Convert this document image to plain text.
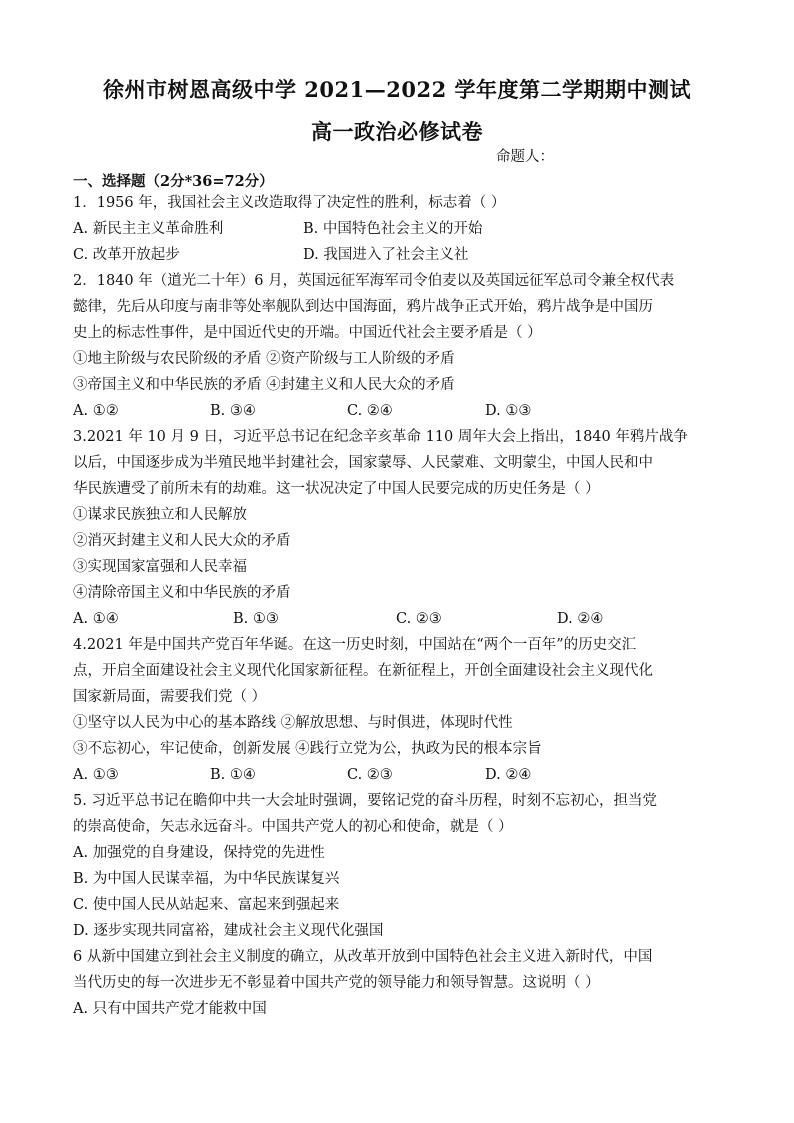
徐州市树恩高级中学 2021—2022 学年度第二学期期中测试
高一政治必修试卷
命题人：
一、选择题（2分*36=72分）
1．1956 年，我国社会主义改造取得了决定性的胜利，标志着（ ）
A. 新民主主义革命胜利	B. 中国特色社会主义的开始
C. 改革开放起步	D. 我国进入了社会主义社
2．1840 年（道光二十年）6 月，英国远征军海军司令伯麦以及英国远征军总司令兼全权代表
懿律，先后从印度与南非等处率舰队到达中国海面，鸦片战争正式开始，鸦片战争是中国历
史上的标志性事件，是中国近代史的开端。中国近代社会主要矛盾是（ ）
①地主阶级与农民阶级的矛盾 ②资产阶级与工人阶级的矛盾
③帝国主义和中华民族的矛盾 ④封建主义和人民大众的矛盾
A. ①②	B. ③④	C. ②④	D. ①③
3.2021 年 10 月 9 日，习近平总书记在纪念辛亥革命 110 周年大会上指出，1840 年鸦片战争
以后，中国逐步成为半殖民地半封建社会，国家蒙辱、人民蒙难、文明蒙尘，中国人民和中
华民族遭受了前所未有的劫难。这一状况决定了中国人民要完成的历史任务是（ ）
①谋求民族独立和人民解放
②消灭封建主义和人民大众的矛盾
③实现国家富强和人民幸福
④清除帝国主义和中华民族的矛盾
A. ①④	B. ①③	C. ②③	D. ②④
4.2021 年是中国共产党百年华诞。在这一历史时刻，中国站在“两个一百年”的历史交汇
点，开启全面建设社会主义现代化国家新征程。在新征程上，开创全面建设社会主义现代化
国家新局面，需要我们党（ ）
①坚守以人民为中心的基本路线 ②解放思想、与时俱进，体现时代性
③不忘初心，牢记使命，创新发展 ④践行立党为公，执政为民的根本宗旨
A. ①③	B. ①④	C. ②③	D. ②④
5. 习近平总书记在瞻仰中共一大会址时强调，要铭记党的奋斗历程，时刻不忘初心，担当党
的崇高使命，矢志永远奋斗。中国共产党人的初心和使命，就是（ ）
A. 加强党的自身建设，保持党的先进性
B. 为中国人民谋幸福，为中华民族谋复兴
C. 使中国人民从站起来、富起来到强起来
D. 逐步实现共同富裕，建成社会主义现代化强国
6 从新中国建立到社会主义制度的确立，从改革开放到中国特色社会主义进入新时代，中国
当代历史的每一次进步无不彰显着中国共产党的领导能力和领导智慧。这说明（ ）
A. 只有中国共产党才能救中国
